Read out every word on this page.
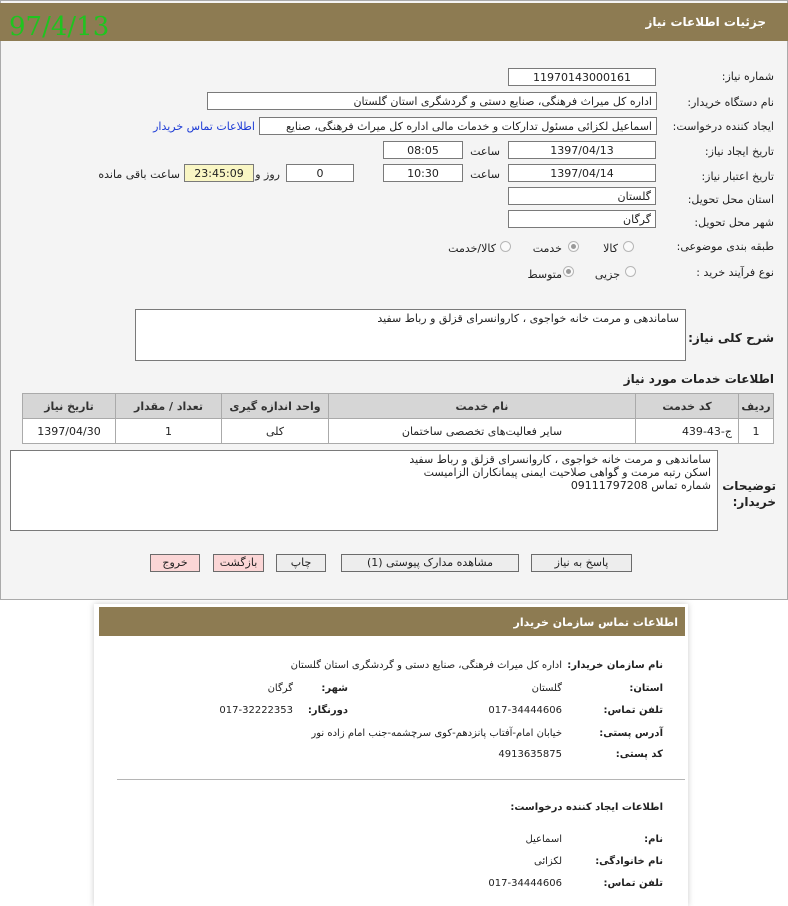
جزئیات اطلاعات نیاز
97/4/13
شماره نیاز:
11970143000161
نام دستگاه خریدار:
اداره کل میراث فرهنگی، صنایع دستی و گردشگری استان گلستان
ایجاد کننده درخواست:
اسماعیل لکزائی مسئول تدارکات و خدمات مالی اداره کل میراث فرهنگی، صنایع
اطلاعات تماس خریدار
تاریخ ایجاد نیاز:
1397/04/13
ساعت
08:05
تاریخ اعتبار نیاز:
1397/04/14
ساعت
10:30
0
روز و
23:45:09
ساعت باقی مانده
استان محل تحویل:
گلستان
شهر محل تحویل:
گرگان
طبقه بندی موضوعی:
کالا
خدمت
کالا/خدمت
نوع فرآیند خرید :
جزیی
متوسط
شرح کلی نیاز:
ساماندهی و مرمت خانه خواجوی ، کاروانسرای قزلق و رباط سفید
اطلاعات خدمات مورد نیاز
ردیف	کد خدمت	نام خدمت	واحد اندازه گیری	تعداد / مقدار	تاریخ نیاز
1	ج-43-439	سایر فعالیت‌های تخصصی ساختمان	کلی	1	1397/04/30
توضیحات خریدار:
ساماندهی و مرمت خانه خواجوی ، کاروانسرای قزلق و رباط سفید
اسکن رتبه مرمت و گواهی صلاحیت ایمنی پیمانکاران الزامیست
شماره تماس 09111797208
پاسخ به نیاز
مشاهده مدارک پیوستی (1)
چاپ
بازگشت
خروج
اطلاعات تماس سازمان خریدار
نام سازمان خریدار:
اداره کل میراث فرهنگی، صنایع دستی و گردشگری استان گلستان
استان:
گلستان
شهر:
گرگان
تلفن تماس:
017-34444606
دورنگار:
017-32222353
آدرس پستی:
خیابان امام-آفتاب پانزدهم-کوی سرچشمه-جنب امام زاده نور
کد پستی:
4913635875
اطلاعات ایجاد کننده درخواست:
نام:
اسماعیل
نام خانوادگی:
لکزائی
تلفن تماس:
017-34444606
